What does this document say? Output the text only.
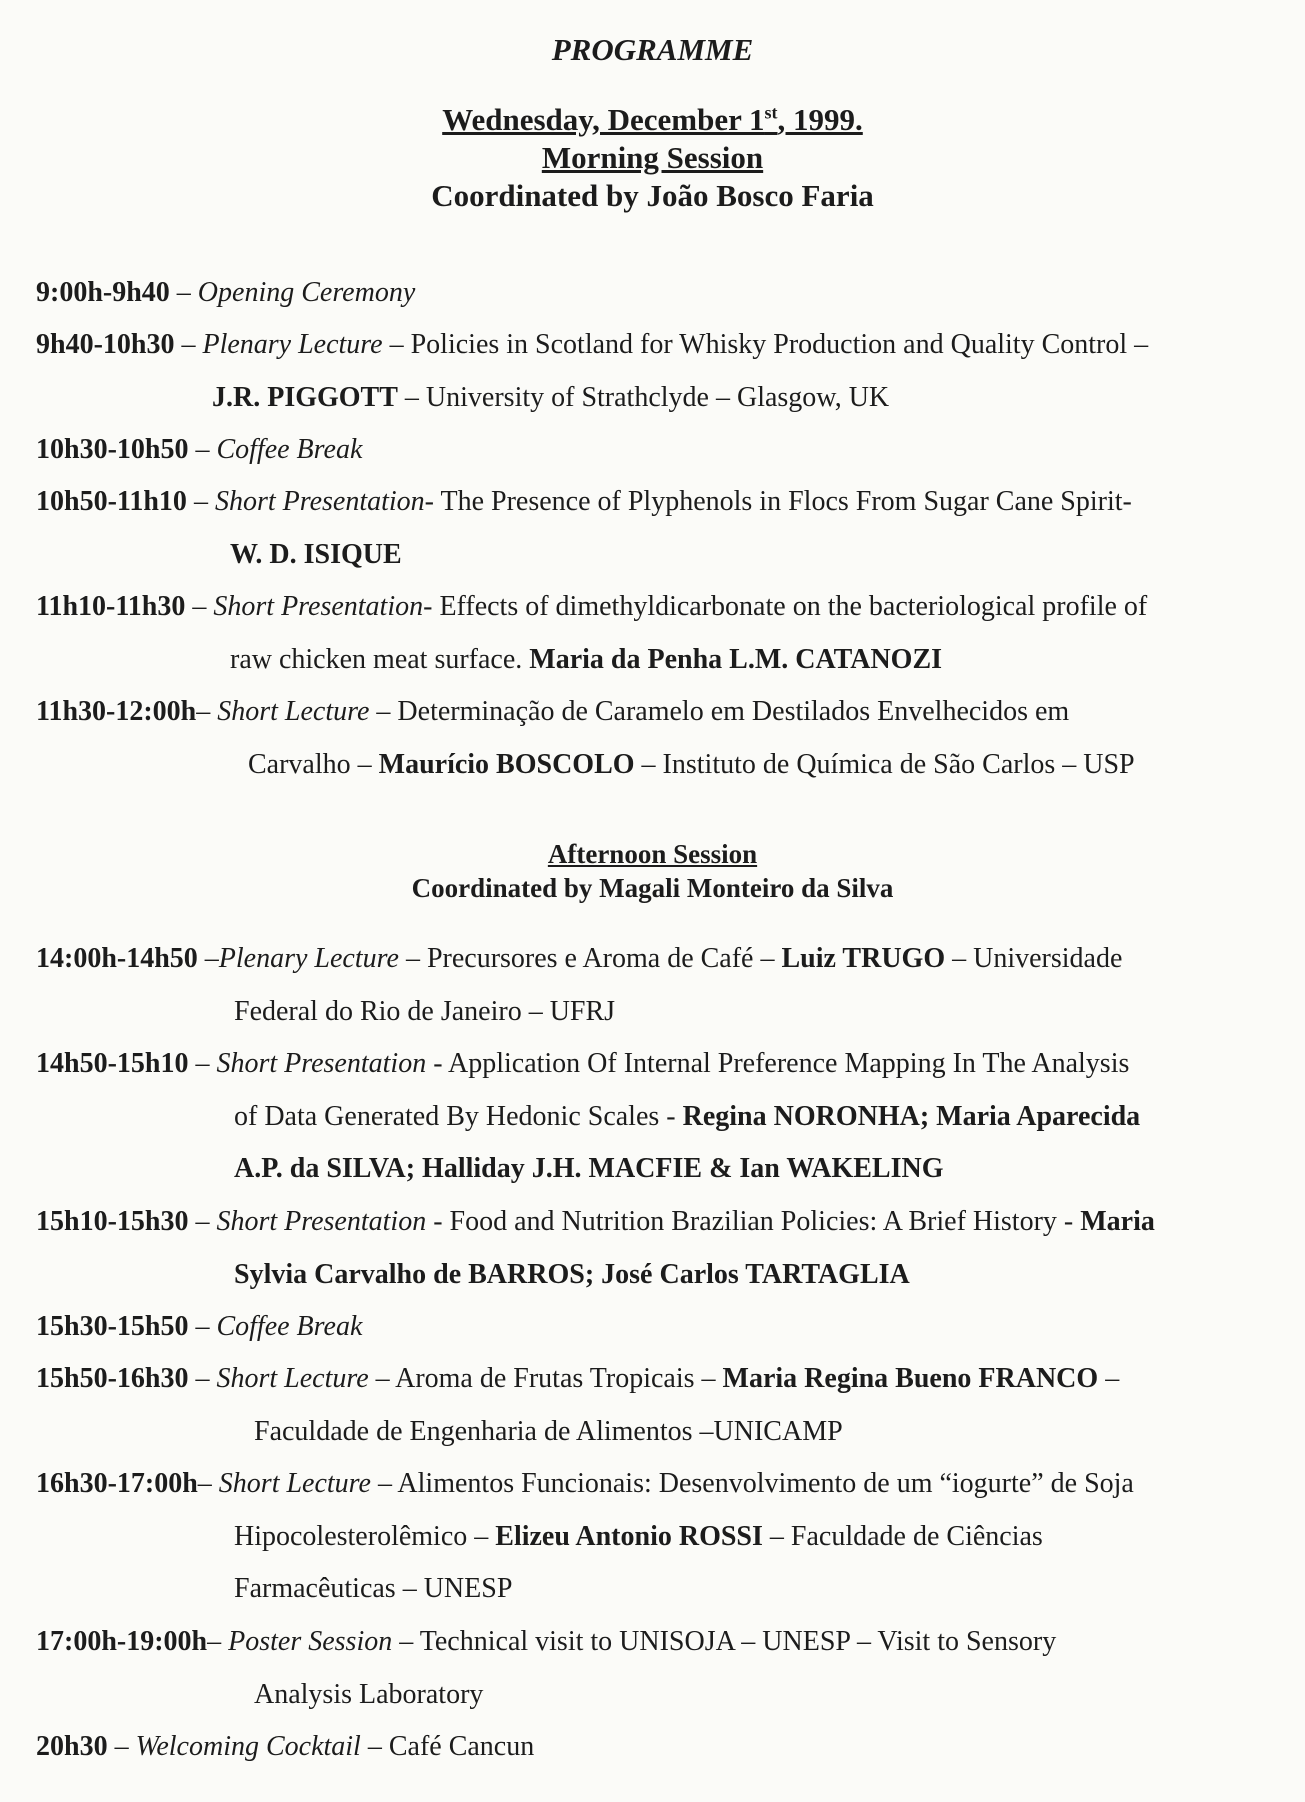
PROGRAMME
Wednesday, December 1st, 1999.
Morning Session
Coordinated by João Bosco Faria
9:00h-9h40 – Opening Ceremony
9h40-10h30 – Plenary Lecture – Policies in Scotland for Whisky Production and Quality Control –
J.R. PIGGOTT – University of Strathclyde – Glasgow, UK
10h30-10h50 – Coffee Break
10h50-11h10 – Short Presentation- The Presence of Plyphenols in Flocs From Sugar Cane Spirit-
W. D. ISIQUE
11h10-11h30 – Short Presentation- Effects of dimethyldicarbonate on the bacteriological profile of
raw chicken meat surface. Maria da Penha L.M. CATANOZI
11h30-12:00h– Short Lecture – Determinação de Caramelo em Destilados Envelhecidos em
Carvalho – Maurício BOSCOLO – Instituto de Química de São Carlos – USP
Afternoon Session
Coordinated by Magali Monteiro da Silva
14:00h-14h50 –Plenary Lecture – Precursores e Aroma de Café – Luiz TRUGO – Universidade
Federal do Rio de Janeiro – UFRJ
14h50-15h10 – Short Presentation - Application Of Internal Preference Mapping In The Analysis
of Data Generated By Hedonic Scales - Regina NORONHA; Maria Aparecida
A.P. da SILVA; Halliday J.H. MACFIE & Ian WAKELING
15h10-15h30 – Short Presentation - Food and Nutrition Brazilian Policies: A Brief History - Maria
Sylvia Carvalho de BARROS; José Carlos TARTAGLIA
15h30-15h50 – Coffee Break
15h50-16h30 – Short Lecture – Aroma de Frutas Tropicais – Maria Regina Bueno FRANCO –
Faculdade de Engenharia de Alimentos –UNICAMP
16h30-17:00h– Short Lecture – Alimentos Funcionais: Desenvolvimento de um “iogurte” de Soja
Hipocolesterolêmico – Elizeu Antonio ROSSI – Faculdade de Ciências
Farmacêuticas – UNESP
17:00h-19:00h– Poster Session – Technical visit to UNISOJA – UNESP – Visit to Sensory
Analysis Laboratory
20h30 – Welcoming Cocktail – Café Cancun
